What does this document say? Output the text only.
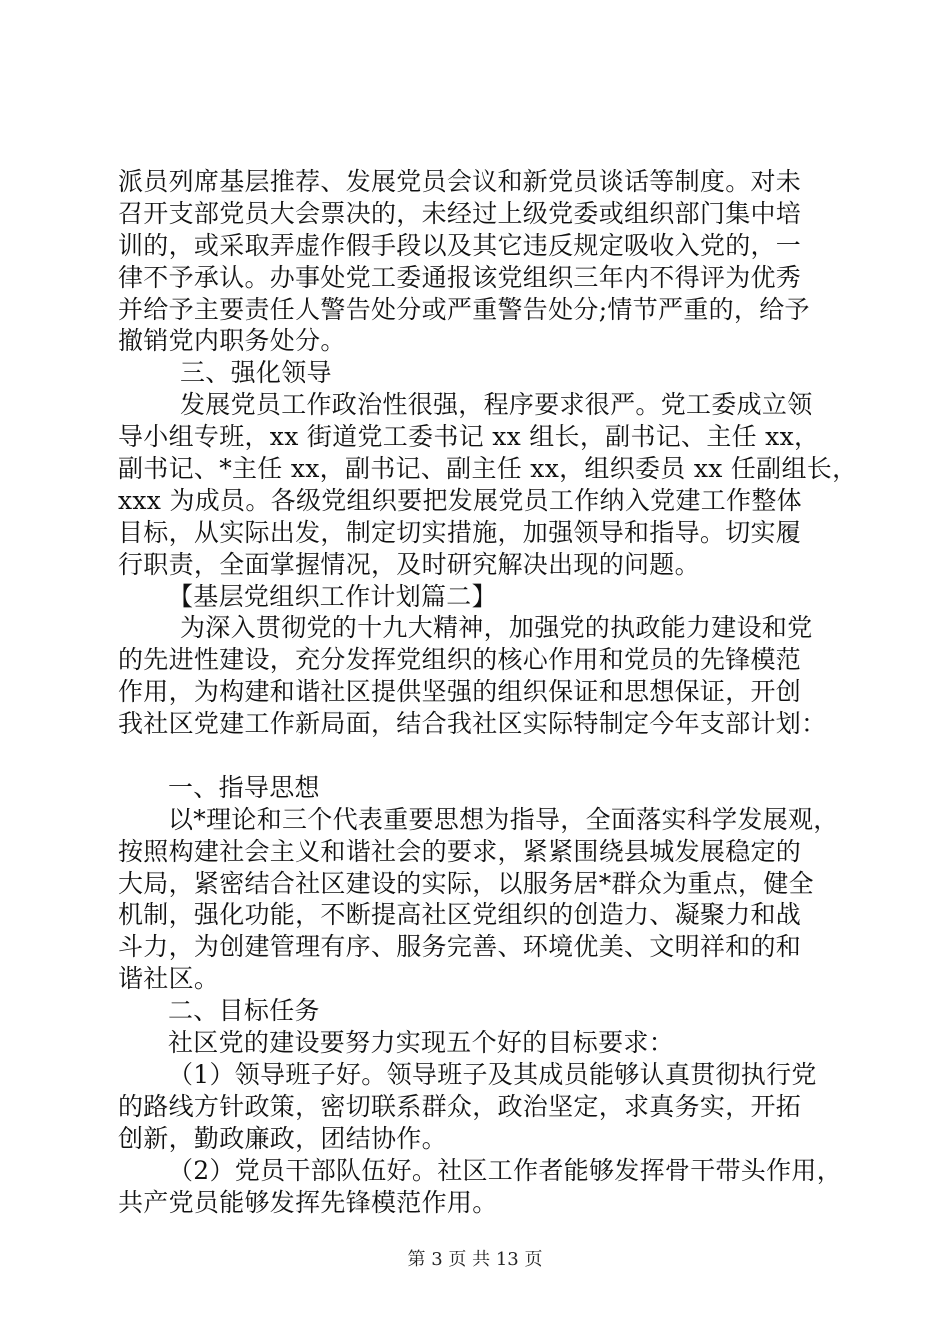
派员列席基层推荐、发展党员会议和新党员谈话等制度。对未
召开支部党员大会票决的，未经过上级党委或组织部门集中培
训的，或采取弄虚作假手段以及其它违反规定吸收入党的，一
律不予承认。办事处党工委通报该党组织三年内不得评为优秀
并给予主要责任人警告处分或严重警告处分;情节严重的，给予
撤销党内职务处分。
三、强化领导
发展党员工作政治性很强，程序要求很严。党工委成立领
导小组专班，xx 街道党工委书记 xx 组长，副书记、主任 xx，
副书记、*主任 xx，副书记、副主任 xx，组织委员 xx 任副组长，
xxx 为成员。各级党组织要把发展党员工作纳入党建工作整体
目标，从实际出发，制定切实措施，加强领导和指导。切实履
行职责，全面掌握情况，及时研究解决出现的问题。
【基层党组织工作计划篇二】
为深入贯彻党的十九大精神，加强党的执政能力建设和党
的先进性建设，充分发挥党组织的核心作用和党员的先锋模范
作用，为构建和谐社区提供坚强的组织保证和思想保证，开创
我社区党建工作新局面，结合我社区实际特制定今年支部计划：
一、指导思想
以*理论和三个代表重要思想为指导，全面落实科学发展观，
按照构建社会主义和谐社会的要求，紧紧围绕县城发展稳定的
大局，紧密结合社区建设的实际，以服务居*群众为重点，健全
机制，强化功能，不断提高社区党组织的创造力、凝聚力和战
斗力，为创建管理有序、服务完善、环境优美、文明祥和的和
谐社区。
二、目标任务
社区党的建设要努力实现五个好的目标要求：
（1）领导班子好。领导班子及其成员能够认真贯彻执行党
的路线方针政策，密切联系群众，政治坚定，求真务实，开拓
创新，勤政廉政，团结协作。
（2）党员干部队伍好。社区工作者能够发挥骨干带头作用，
共产党员能够发挥先锋模范作用。
第 3 页 共 13 页
